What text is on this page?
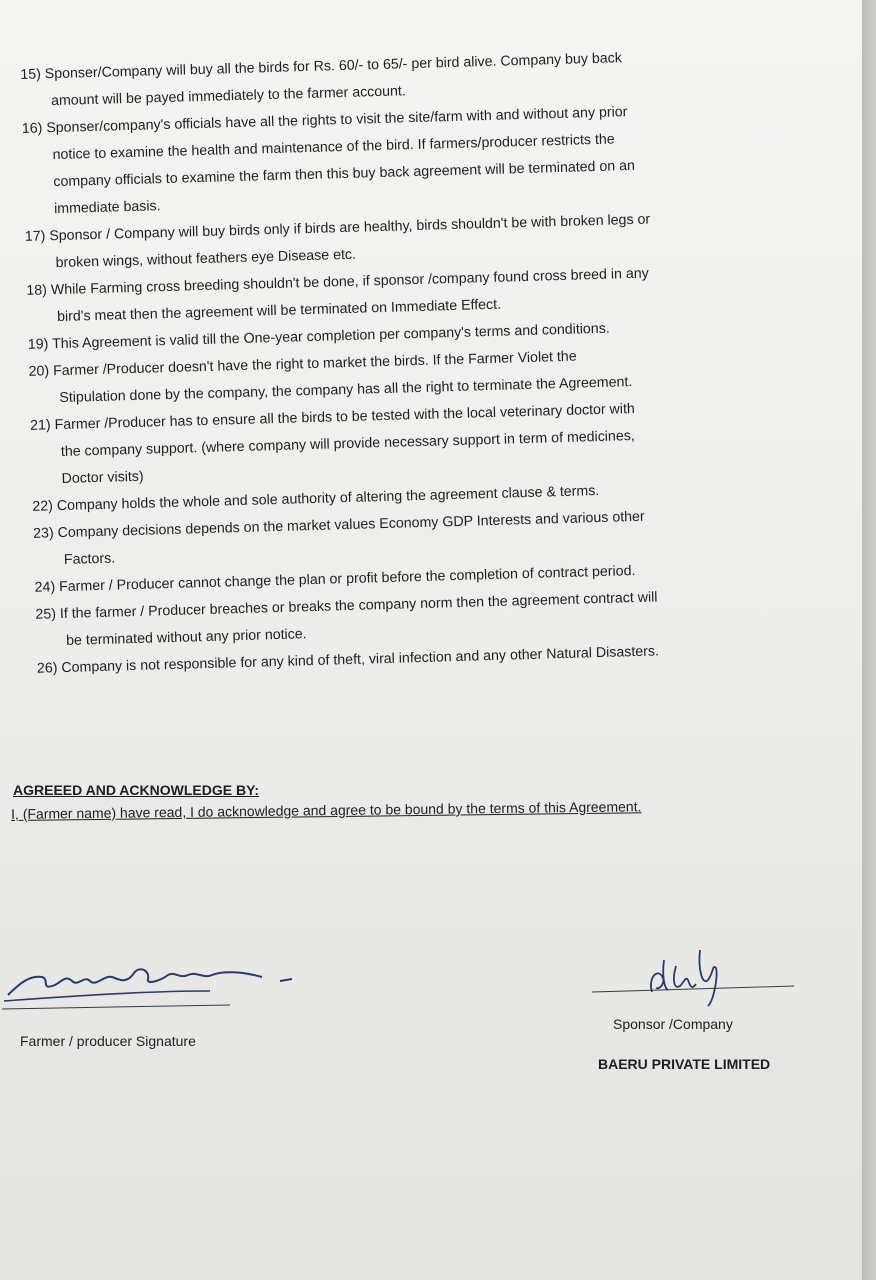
15) Sponser/Company will buy all the birds for Rs. 60/- to 65/- per bird alive. Company buy back
amount will be payed immediately to the farmer account.
16) Sponser/company's officials have all the rights to visit the site/farm with and without any prior
notice to examine the health and maintenance of the bird. If farmers/producer restricts the
company officials to examine the farm then this buy back agreement will be terminated on an
immediate basis.
17) Sponsor / Company will buy birds only if birds are healthy, birds shouldn't be with broken legs or
broken wings, without feathers eye Disease etc.
18) While Farming cross breeding shouldn't be done, if sponsor /company found cross breed in any
bird's meat then the agreement will be terminated on Immediate Effect.
19) This Agreement is valid till the One-year completion per company's terms and conditions.
20) Farmer /Producer doesn't have the right to market the birds. If the Farmer Violet the
Stipulation done by the company, the company has all the right to terminate the Agreement.
21) Farmer /Producer has to ensure all the birds to be tested with the local veterinary doctor with
the company support. (where company will provide necessary support in term of medicines,
Doctor visits)
22) Company holds the whole and sole authority of altering the agreement clause & terms.
23) Company decisions depends on the market values Economy GDP Interests and various other
Factors.
24) Farmer / Producer cannot change the plan or profit before the completion of contract period.
25) If the farmer / Producer breaches or breaks the company norm then the agreement contract will
be terminated without any prior notice.
26) Company is not responsible for any kind of theft, viral infection and any other Natural Disasters.
AGREEED AND ACKNOWLEDGE BY:
I, (Farmer name) have read, I do acknowledge and agree to be bound by the terms of this Agreement.
Farmer / producer Signature
Sponsor /Company
BAERU PRIVATE LIMITED
